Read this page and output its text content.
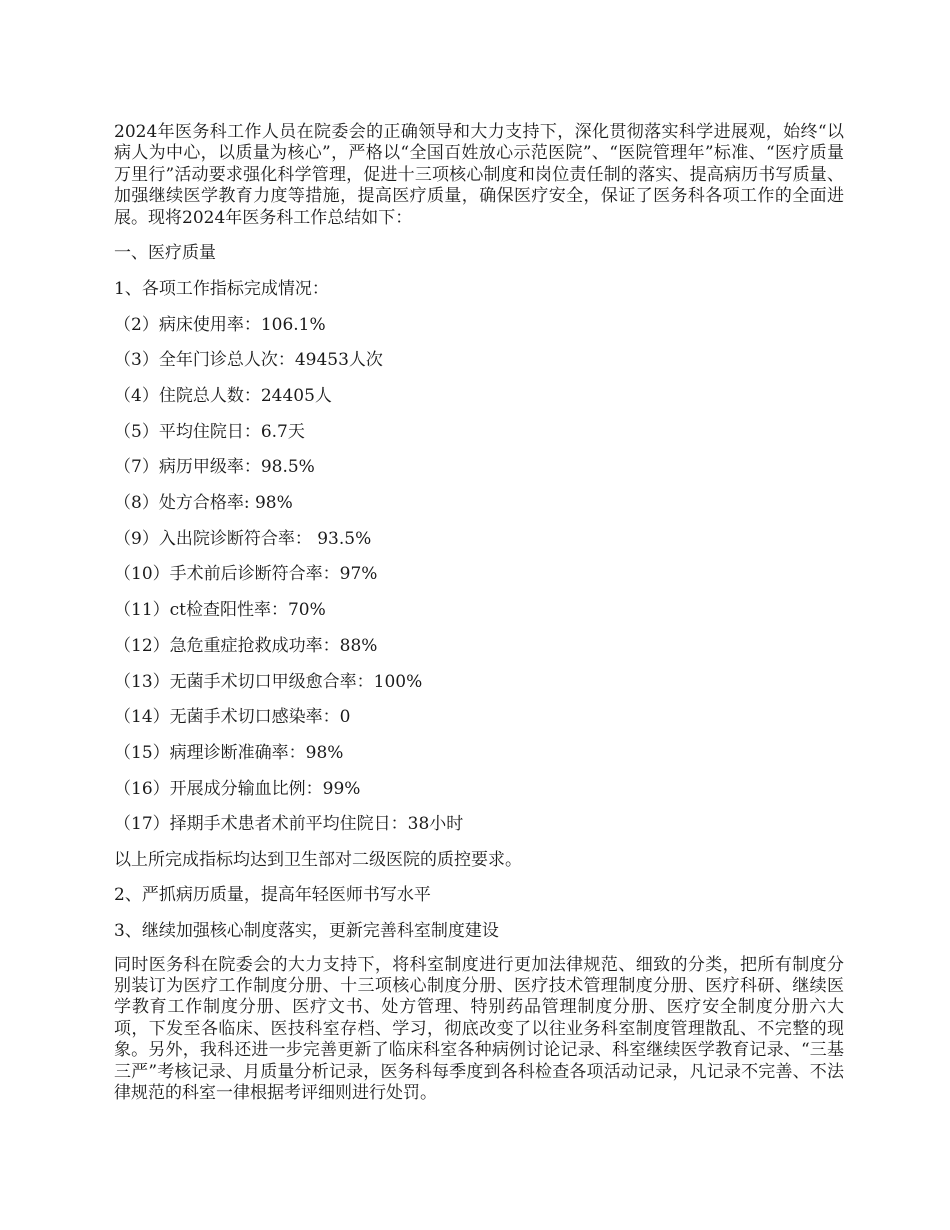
2024年医务科工作人员在院委会的正确领导和大力支持下，深化贯彻落实科学进展观，始终“以病人为中心，以质量为核心”，严格以“全国百姓放心示范医院”、“医院管理年”标准、“医疗质量万里行”活动要求强化科学管理，促进十三项核心制度和岗位责任制的落实、提高病历书写质量、加强继续医学教育力度等措施，提高医疗质量，确保医疗安全，保证了医务科各项工作的全面进展。现将2024年医务科工作总结如下：

一、医疗质量

1、各项工作指标完成情况：

（2）病床使用率：106.1%

（3）全年门诊总人次：49453人次

（4）住院总人数：24405人

（5）平均住院日：6.7天

（7）病历甲级率：98.5%

（8）处方合格率: 98%

（9）入出院诊断符合率： 93.5%

（10）手术前后诊断符合率：97%

（11）ct检查阳性率：70%

（12）急危重症抢救成功率：88%

（13）无菌手术切口甲级愈合率：100%

（14）无菌手术切口感染率：0

（15）病理诊断准确率：98%

（16）开展成分输血比例：99%

（17）择期手术患者术前平均住院日：38小时

以上所完成指标均达到卫生部对二级医院的质控要求。

2、严抓病历质量，提高年轻医师书写水平

3、继续加强核心制度落实，更新完善科室制度建设

同时医务科在院委会的大力支持下，将科室制度进行更加法律规范、细致的分类，把所有制度分别装订为医疗工作制度分册、十三项核心制度分册、医疗技术管理制度分册、医疗科研、继续医学教育工作制度分册、医疗文书、处方管理、特别药品管理制度分册、医疗安全制度分册六大项，下发至各临床、医技科室存档、学习，彻底改变了以往业务科室制度管理散乱、不完整的现象。另外，我科还进一步完善更新了临床科室各种病例讨论记录、科室继续医学教育记录、“三基三严”考核记录、月质量分析记录，医务科每季度到各科检查各项活动记录，凡记录不完善、不法律规范的科室一律根据考评细则进行处罚。
